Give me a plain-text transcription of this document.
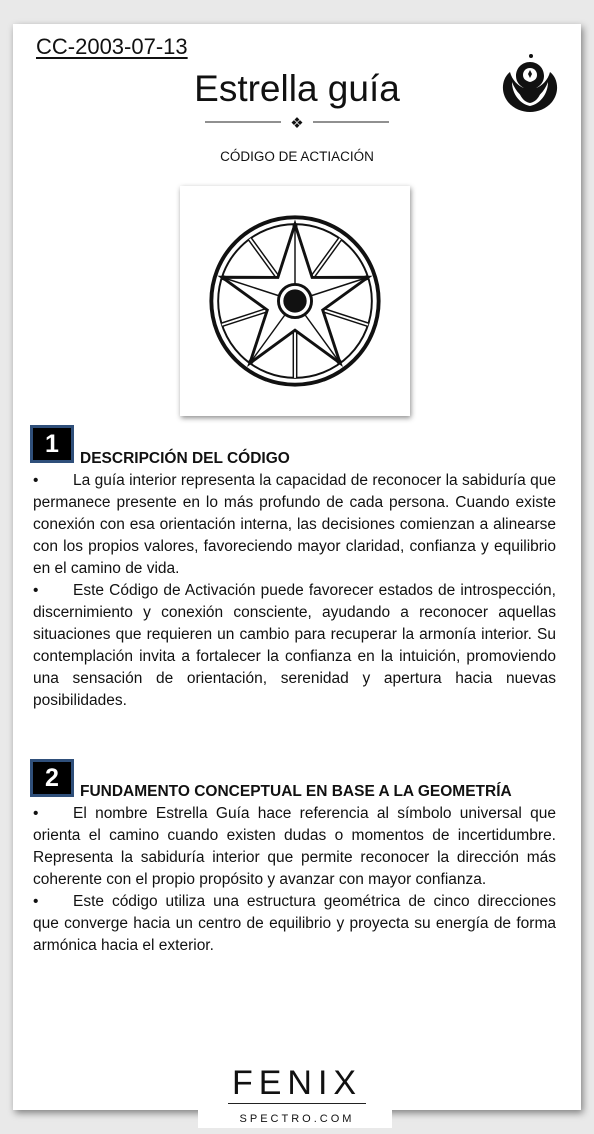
CC-2003-07-13
Estrella guía
❖
CÓDIGO DE ACTIACIÓN
1
DESCRIPCIÓN DEL CÓDIGO

• La guía interior representa la capacidad de reconocer la sabiduría que permanece presente en lo más profundo de cada persona. Cuando existe conexión con esa orientación interna, las decisiones comienzan a alinearse con los propios valores, favoreciendo mayor claridad, confianza y equilibrio en el camino de vida.

• Este Código de Activación puede favorecer estados de introspección, discernimiento y conexión consciente, ayudando a reconocer aquellas situaciones que requieren un cambio para recuperar la armonía interior. Su contemplación invita a fortalecer la confianza en la intuición, promoviendo una sensación de orientación, serenidad y apertura hacia nuevas posibilidades.

2	FUNDAMENTO CONCEPTUAL EN BASE A LA GEOMETRÍA

• El nombre Estrella Guía hace referencia al símbolo universal que orienta el camino cuando existen dudas o momentos de incertidumbre. Representa la sabiduría interior que permite reconocer la dirección más coherente con el propio propósito y avanzar con mayor confianza.

• Este código utiliza una estructura geométrica de cinco direcciones que converge hacia un centro de equilibrio y proyecta su energía de forma armónica hacia el exterior.

FENIX
SPECTRO.COM
